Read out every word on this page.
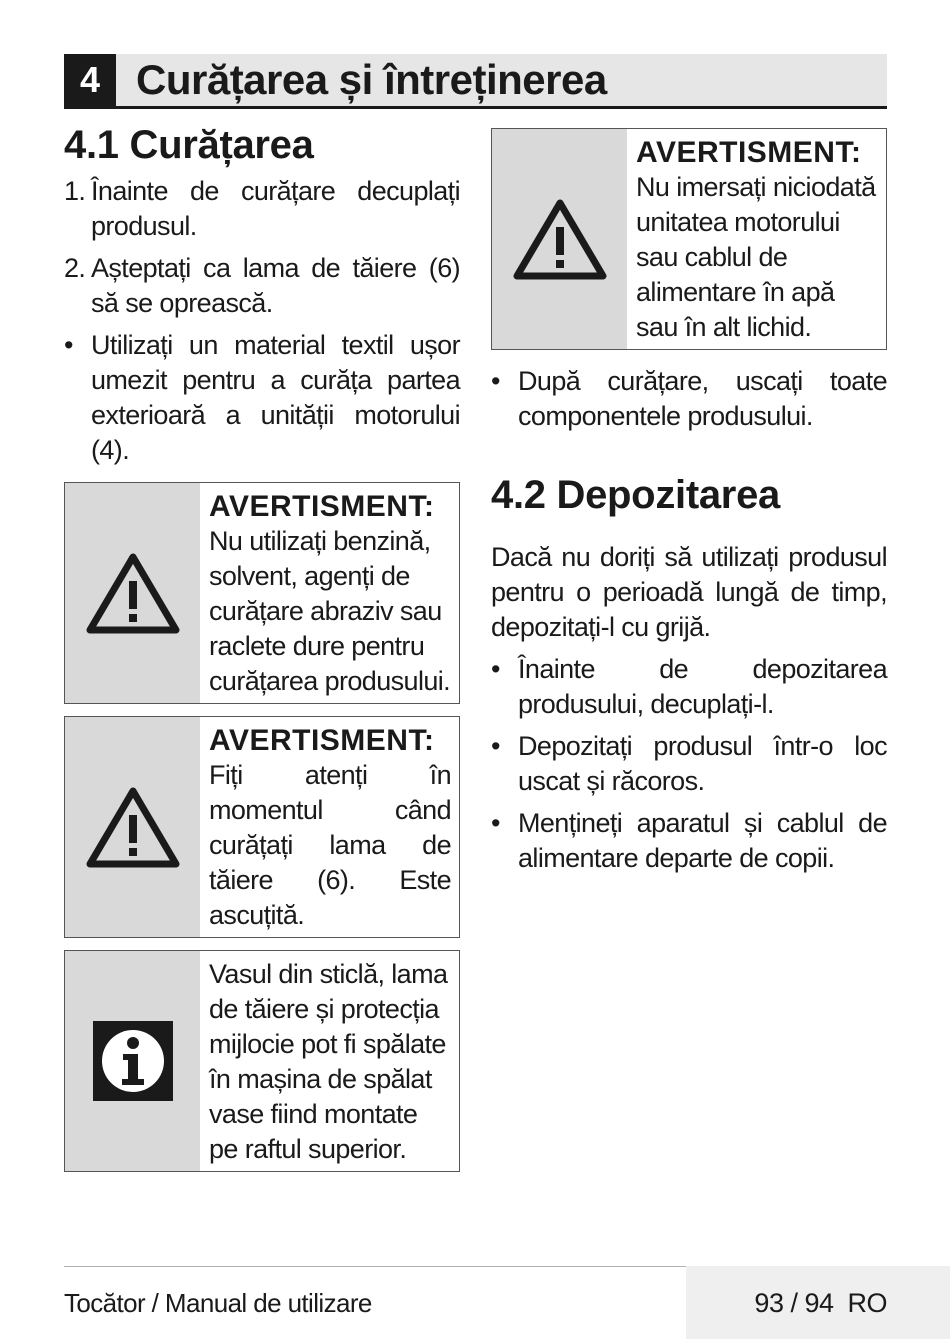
4 Curățarea și întreținerea
4.1 Curățarea
1. Înainte de curățare decuplați produsul.
2. Așteptați ca lama de tăiere (6) să se oprească.
• Utilizați un material textil ușor umezit pentru a curăța partea exterioară a unității motorului (4).
AVERTISMENT:
Nu utilizați benzină, solvent, agenți de curățare abraziv sau raclete dure pentru curățarea produsului.
AVERTISMENT:
Fiți atenți în momentul când curățați lama de tăiere (6). Este ascuțită.
Vasul din sticlă, lama de tăiere și protecția mijlocie pot fi spălate în mașina de spălat vase fiind montate pe raftul superior.
AVERTISMENT:
Nu imersați niciodată unitatea motorului sau cablul de alimentare în apă sau în alt lichid.
• După curățare, uscați toate componentele produsului.
4.2 Depozitarea

Dacă nu doriți să utilizați produsul pentru o perioadă lungă de timp, depozitați-l cu grijă.

• Înainte de depozitarea produsului, decuplați-l.
• Depozitați produsul într-o loc uscat și răcoros.
• Mențineți aparatul și cablul de alimentare departe de copii.
Tocător / Manual de utilizare	93 / 94  RO
